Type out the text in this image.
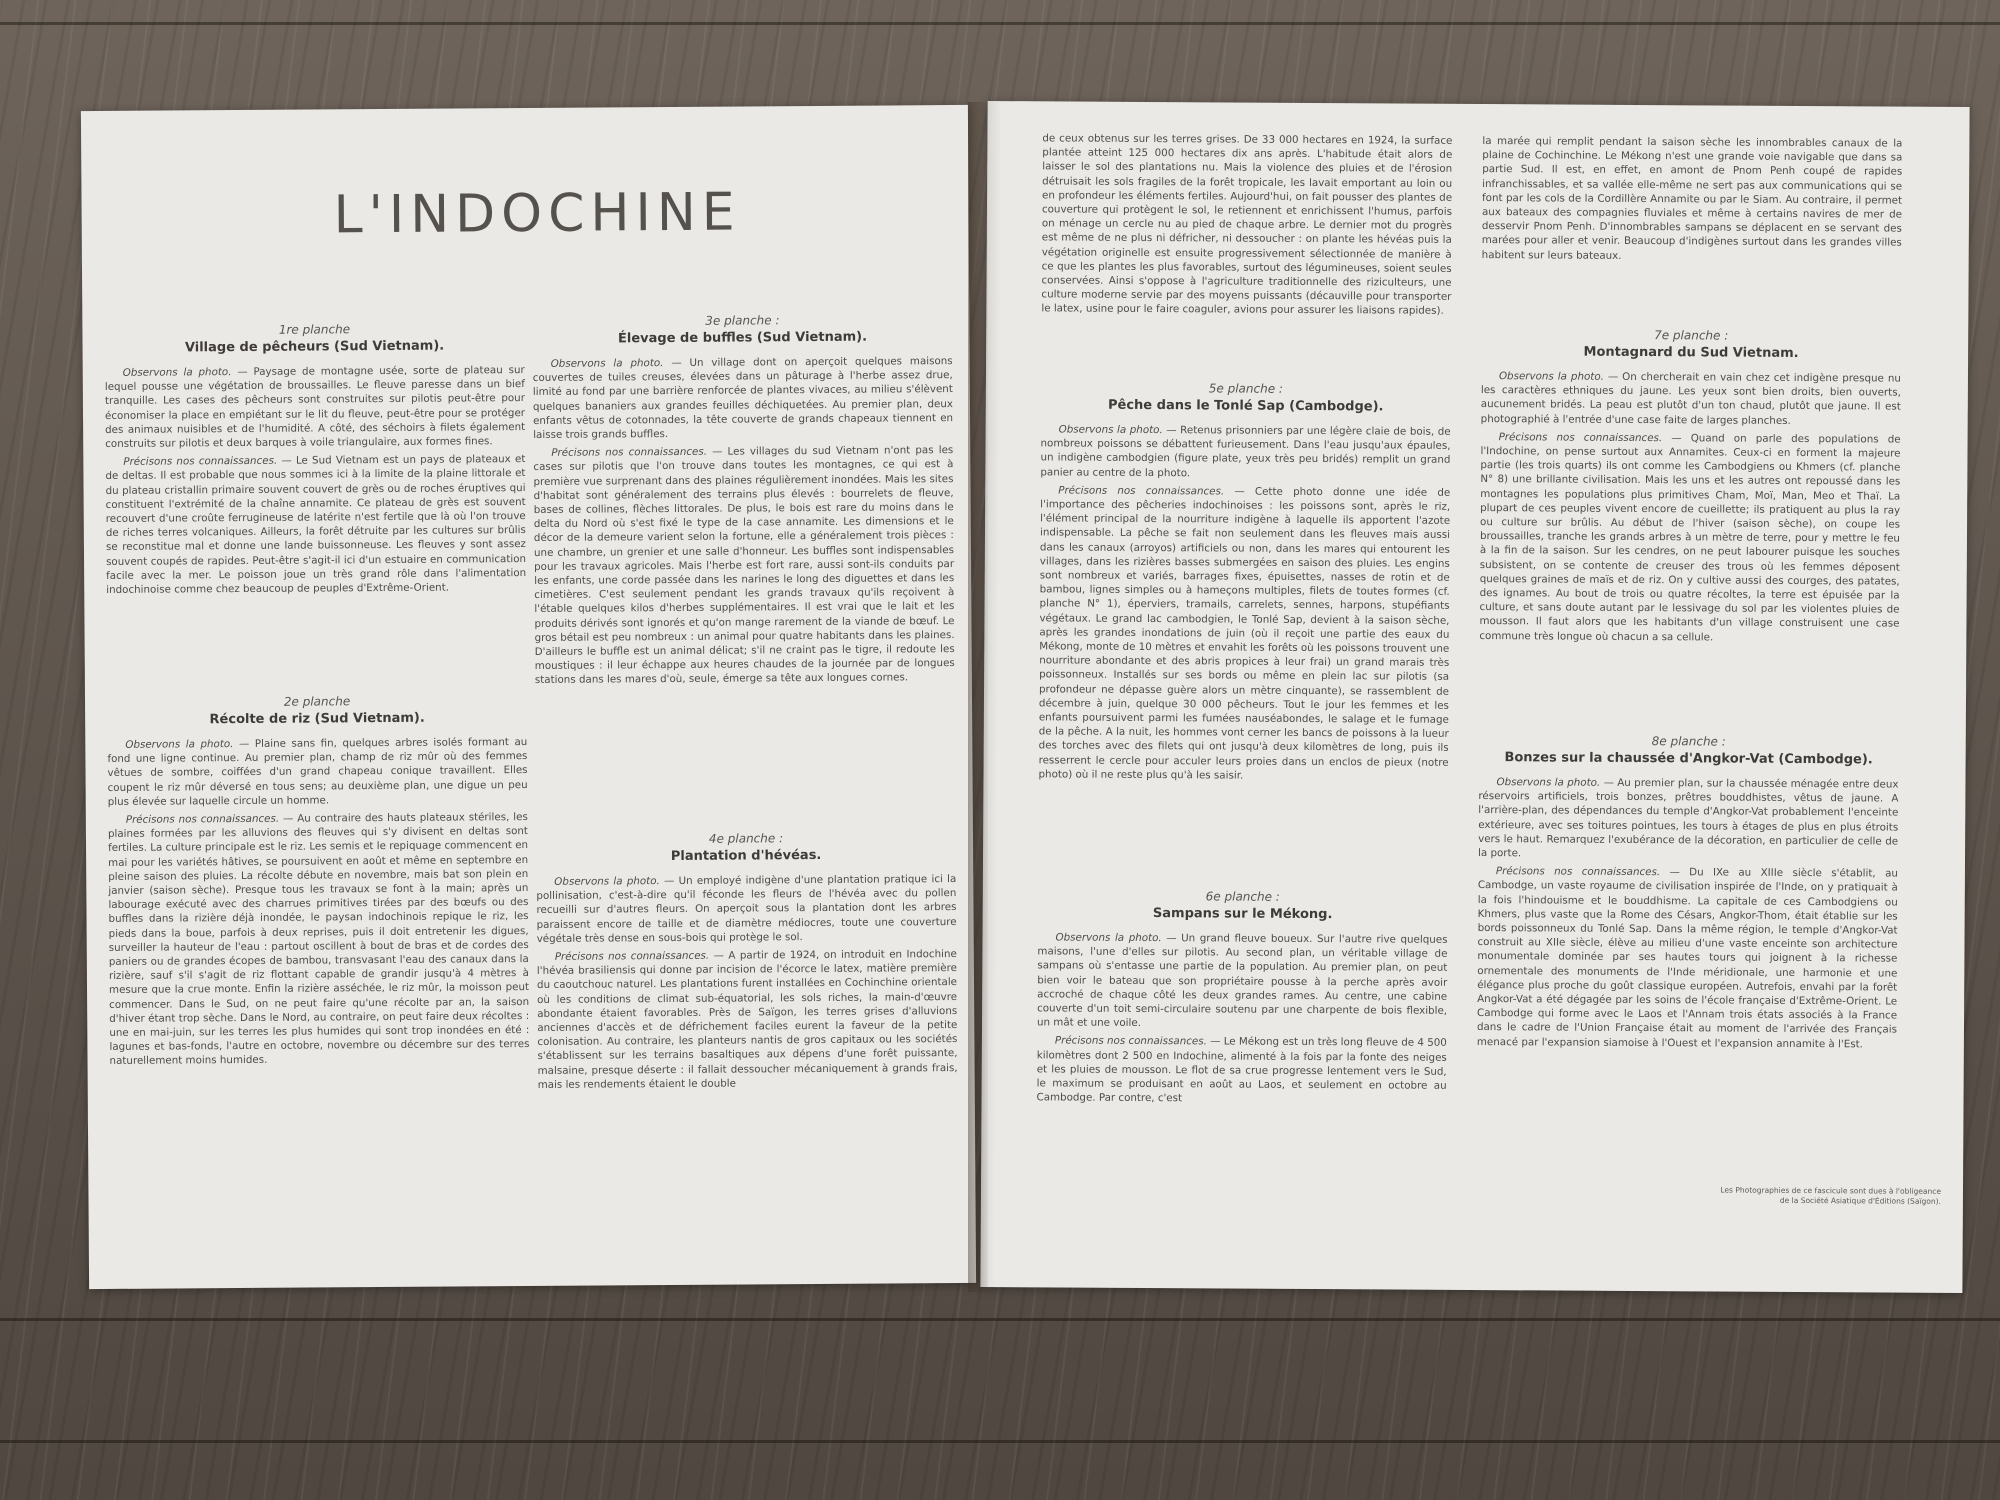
L'INDOCHINE
1re planche
Village de pêcheurs (Sud Vietnam).

Observons la photo. — Paysage de montagne usée, sorte de plateau sur lequel pousse une végétation de broussailles. Le fleuve paresse dans un bief tranquille. Les cases des pêcheurs sont construites sur pilotis peut-être pour économiser la place en empiétant sur le lit du fleuve, peut-être pour se protéger des animaux nuisibles et de l'humidité. A côté, des séchoirs à filets également construits sur pilotis et deux barques à voile triangulaire, aux formes fines.

Précisons nos connaissances. — Le Sud Vietnam est un pays de plateaux et de deltas. Il est probable que nous sommes ici à la limite de la plaine littorale et du plateau cristallin primaire souvent couvert de grès ou de roches éruptives qui constituent l'extrémité de la chaîne annamite. Ce plateau de grès est souvent recouvert d'une croûte ferrugineuse de latérite n'est fertile que là où l'on trouve de riches terres volcaniques. Ailleurs, la forêt détruite par les cultures sur brûlis se reconstitue mal et donne une lande buissonneuse. Les fleuves y sont assez souvent coupés de rapides. Peut-être s'agit-il ici d'un estuaire en communication facile avec la mer. Le poisson joue un très grand rôle dans l'alimentation indochinoise comme chez beaucoup de peuples d'Extrême-Orient.

2e planche
Récolte de riz (Sud Vietnam).

Observons la photo. — Plaine sans fin, quelques arbres isolés formant au fond une ligne continue. Au premier plan, champ de riz mûr où des femmes vêtues de sombre, coiffées d'un grand chapeau conique travaillent. Elles coupent le riz mûr déversé en tous sens; au deuxième plan, une digue un peu plus élevée sur laquelle circule un homme.

Précisons nos connaissances. — Au contraire des hauts plateaux stériles, les plaines formées par les alluvions des fleuves qui s'y divisent en deltas sont fertiles. La culture principale est le riz. Les semis et le repiquage commencent en mai pour les variétés hâtives, se poursuivent en août et même en septembre en pleine saison des pluies. La récolte débute en novembre, mais bat son plein en janvier (saison sèche). Presque tous les travaux se font à la main; après un labourage exécuté avec des charrues primitives tirées par des bœufs ou des buffles dans la rizière déjà inondée, le paysan indochinois repique le riz, les pieds dans la boue, parfois à deux reprises, puis il doit entretenir les digues, surveiller la hauteur de l'eau : partout oscillent à bout de bras et de cordes des paniers ou de grandes écopes de bambou, transvasant l'eau des canaux dans la rizière, sauf s'il s'agit de riz flottant capable de grandir jusqu'à 4 mètres à mesure que la crue monte. Enfin la rizière asséchée, le riz mûr, la moisson peut commencer. Dans le Sud, on ne peut faire qu'une récolte par an, la saison d'hiver étant trop sèche. Dans le Nord, au contraire, on peut faire deux récoltes : une en mai-juin, sur les terres les plus humides qui sont trop inondées en été : lagunes et bas-fonds, l'autre en octobre, novembre ou décembre sur des terres naturellement moins humides.

3e planche :
Élevage de buffles (Sud Vietnam).

Observons la photo. — Un village dont on aperçoit quelques maisons couvertes de tuiles creuses, élevées dans un pâturage à l'herbe assez drue, limité au fond par une barrière renforcée de plantes vivaces, au milieu s'élèvent quelques bananiers aux grandes feuilles déchiquetées. Au premier plan, deux enfants vêtus de cotonnades, la tête couverte de grands chapeaux tiennent en laisse trois grands buffles.

Précisons nos connaissances. — Les villages du sud Vietnam n'ont pas les cases sur pilotis que l'on trouve dans toutes les montagnes, ce qui est à première vue surprenant dans des plaines régulièrement inondées. Mais les sites d'habitat sont généralement des terrains plus élevés : bourrelets de fleuve, bases de collines, flèches littorales. De plus, le bois est rare du moins dans le delta du Nord où s'est fixé le type de la case annamite. Les dimensions et le décor de la demeure varient selon la fortune, elle a généralement trois pièces : une chambre, un grenier et une salle d'honneur. Les buffles sont indispensables pour les travaux agricoles. Mais l'herbe est fort rare, aussi sont-ils conduits par les enfants, une corde passée dans les narines le long des diguettes et dans les cimetières. C'est seulement pendant les grands travaux qu'ils reçoivent à l'étable quelques kilos d'herbes supplémentaires. Il est vrai que le lait et les produits dérivés sont ignorés et qu'on mange rarement de la viande de bœuf. Le gros bétail est peu nombreux : un animal pour quatre habitants dans les plaines. D'ailleurs le buffle est un animal délicat; s'il ne craint pas le tigre, il redoute les moustiques : il leur échappe aux heures chaudes de la journée par de longues stations dans les mares d'où, seule, émerge sa tête aux longues cornes.

4e planche :
Plantation d'hévéas.

Observons la photo. — Un employé indigène d'une plantation pratique ici la pollinisation, c'est-à-dire qu'il féconde les fleurs de l'hévéa avec du pollen recueilli sur d'autres fleurs. On aperçoit sous la plantation dont les arbres paraissent encore de taille et de diamètre médiocres, toute une couverture végétale très dense en sous-bois qui protège le sol.

Précisons nos connaissances. — A partir de 1924, on introduit en Indochine l'hévéa brasiliensis qui donne par incision de l'écorce le latex, matière première du caoutchouc naturel. Les plantations furent installées en Cochinchine orientale où les conditions de climat sub-équatorial, les sols riches, la main-d'œuvre abondante étaient favorables. Près de Saïgon, les terres grises d'alluvions anciennes d'accès et de défrichement faciles eurent la faveur de la petite colonisation. Au contraire, les planteurs nantis de gros capitaux ou les sociétés s'établissent sur les terrains basaltiques aux dépens d'une forêt puissante, malsaine, presque déserte : il fallait dessoucher mécaniquement à grands frais, mais les rendements étaient le double

de ceux obtenus sur les terres grises. De 33 000 hectares en 1924, la surface plantée atteint 125 000 hectares dix ans après. L'habitude était alors de laisser le sol des plantations nu. Mais la violence des pluies et de l'érosion détruisait les sols fragiles de la forêt tropicale, les lavait emportant au loin ou en profondeur les éléments fertiles. Aujourd'hui, on fait pousser des plantes de couverture qui protègent le sol, le retiennent et enrichissent l'humus, parfois on ménage un cercle nu au pied de chaque arbre. Le dernier mot du progrès est même de ne plus ni défricher, ni dessoucher : on plante les hévéas puis la végétation originelle est ensuite progressivement sélectionnée de manière à ce que les plantes les plus favorables, surtout des légumineuses, soient seules conservées. Ainsi s'oppose à l'agriculture traditionnelle des riziculteurs, une culture moderne servie par des moyens puissants (décauville pour transporter le latex, usine pour le faire coaguler, avions pour assurer les liaisons rapides).

5e planche :
Pêche dans le Tonlé Sap (Cambodge).

Observons la photo. — Retenus prisonniers par une légère claie de bois, de nombreux poissons se débattent furieusement. Dans l'eau jusqu'aux épaules, un indigène cambodgien (figure plate, yeux très peu bridés) remplit un grand panier au centre de la photo.

Précisons nos connaissances. — Cette photo donne une idée de l'importance des pêcheries indochinoises : les poissons sont, après le riz, l'élément principal de la nourriture indigène à laquelle ils apportent l'azote indispensable. La pêche se fait non seulement dans les fleuves mais aussi dans les canaux (arroyos) artificiels ou non, dans les mares qui entourent les villages, dans les rizières basses submergées en saison des pluies. Les engins sont nombreux et variés, barrages fixes, épuisettes, nasses de rotin et de bambou, lignes simples ou à hameçons multiples, filets de toutes formes (cf. planche N° 1), éperviers, tramails, carrelets, sennes, harpons, stupéfiants végétaux. Le grand lac cambodgien, le Tonlé Sap, devient à la saison sèche, après les grandes inondations de juin (où il reçoit une partie des eaux du Mékong, monte de 10 mètres et envahit les forêts où les poissons trouvent une nourriture abondante et des abris propices à leur frai) un grand marais très poissonneux. Installés sur ses bords ou même en plein lac sur pilotis (sa profondeur ne dépasse guère alors un mètre cinquante), se rassemblent de décembre à juin, quelque 30 000 pêcheurs. Tout le jour les femmes et les enfants poursuivent parmi les fumées nauséabondes, le salage et le fumage de la pêche. A la nuit, les hommes vont cerner les bancs de poissons à la lueur des torches avec des filets qui ont jusqu'à deux kilomètres de long, puis ils resserrent le cercle pour acculer leurs proies dans un enclos de pieux (notre photo) où il ne reste plus qu'à les saisir.

6e planche :
Sampans sur le Mékong.

Observons la photo. — Un grand fleuve boueux. Sur l'autre rive quelques maisons, l'une d'elles sur pilotis. Au second plan, un véritable village de sampans où s'entasse une partie de la population. Au premier plan, on peut bien voir le bateau que son propriétaire pousse à la perche après avoir accroché de chaque côté les deux grandes rames. Au centre, une cabine couverte d'un toit semi-circulaire soutenu par une charpente de bois flexible, un mât et une voile.

Précisons nos connaissances. — Le Mékong est un très long fleuve de 4 500 kilomètres dont 2 500 en Indochine, alimenté à la fois par la fonte des neiges et les pluies de mousson. Le flot de sa crue progresse lentement vers le Sud, le maximum se produisant en août au Laos, et seulement en octobre au Cambodge. Par contre, c'est

la marée qui remplit pendant la saison sèche les innombrables canaux de la plaine de Cochinchine. Le Mékong n'est une grande voie navigable que dans sa partie Sud. Il est, en effet, en amont de Pnom Penh coupé de rapides infranchissables, et sa vallée elle-même ne sert pas aux communications qui se font par les cols de la Cordillère Annamite ou par le Siam. Au contraire, il permet aux bateaux des compagnies fluviales et même à certains navires de mer de desservir Pnom Penh. D'innombrables sampans se déplacent en se servant des marées pour aller et venir. Beaucoup d'indigènes surtout dans les grandes villes habitent sur leurs bateaux.

7e planche :
Montagnard du Sud Vietnam.

Observons la photo. — On chercherait en vain chez cet indigène presque nu les caractères ethniques du jaune. Les yeux sont bien droits, bien ouverts, aucunement bridés. La peau est plutôt d'un ton chaud, plutôt que jaune. Il est photographié à l'entrée d'une case faite de larges planches.

Précisons nos connaissances. — Quand on parle des populations de l'Indochine, on pense surtout aux Annamites. Ceux-ci en forment la majeure partie (les trois quarts) ils ont comme les Cambodgiens ou Khmers (cf. planche N° 8) une brillante civilisation. Mais les uns et les autres ont repoussé dans les montagnes les populations plus primitives Cham, Moï, Man, Meo et Thaï. La plupart de ces peuples vivent encore de cueillette; ils pratiquent au plus la ray ou culture sur brûlis. Au début de l'hiver (saison sèche), on coupe les broussailles, tranche les grands arbres à un mètre de terre, pour y mettre le feu à la fin de la saison. Sur les cendres, on ne peut labourer puisque les souches subsistent, on se contente de creuser des trous où les femmes déposent quelques graines de maïs et de riz. On y cultive aussi des courges, des patates, des ignames. Au bout de trois ou quatre récoltes, la terre est épuisée par la culture, et sans doute autant par le lessivage du sol par les violentes pluies de mousson. Il faut alors que les habitants d'un village construisent une case commune très longue où chacun a sa cellule.

8e planche :
Bonzes sur la chaussée d'Angkor-Vat (Cambodge).

Observons la photo. — Au premier plan, sur la chaussée ménagée entre deux réservoirs artificiels, trois bonzes, prêtres bouddhistes, vêtus de jaune. A l'arrière-plan, des dépendances du temple d'Angkor-Vat probablement l'enceinte extérieure, avec ses toitures pointues, les tours à étages de plus en plus étroits vers le haut. Remarquez l'exubérance de la décoration, en particulier de celle de la porte.

Précisons nos connaissances. — Du IXe au XIIIe siècle s'établit, au Cambodge, un vaste royaume de civilisation inspirée de l'Inde, on y pratiquait à la fois l'hindouisme et le bouddhisme. La capitale de ces Cambodgiens ou Khmers, plus vaste que la Rome des Césars, Angkor-Thom, était établie sur les bords poissonneux du Tonlé Sap. Dans la même région, le temple d'Angkor-Vat construit au XIIe siècle, élève au milieu d'une vaste enceinte son architecture monumentale dominée par ses hautes tours qui joignent à la richesse ornementale des monuments de l'Inde méridionale, une harmonie et une élégance plus proche du goût classique européen. Autrefois, envahi par la forêt Angkor-Vat a été dégagée par les soins de l'école française d'Extrême-Orient. Le Cambodge qui forme avec le Laos et l'Annam trois états associés à la France dans le cadre de l'Union Française était au moment de l'arrivée des Français menacé par l'expansion siamoise à l'Ouest et l'expansion annamite à l'Est.

Les Photographies de ce fascicule sont dues à l'obligeance
de la Société Asiatique d'Éditions (Saïgon).
